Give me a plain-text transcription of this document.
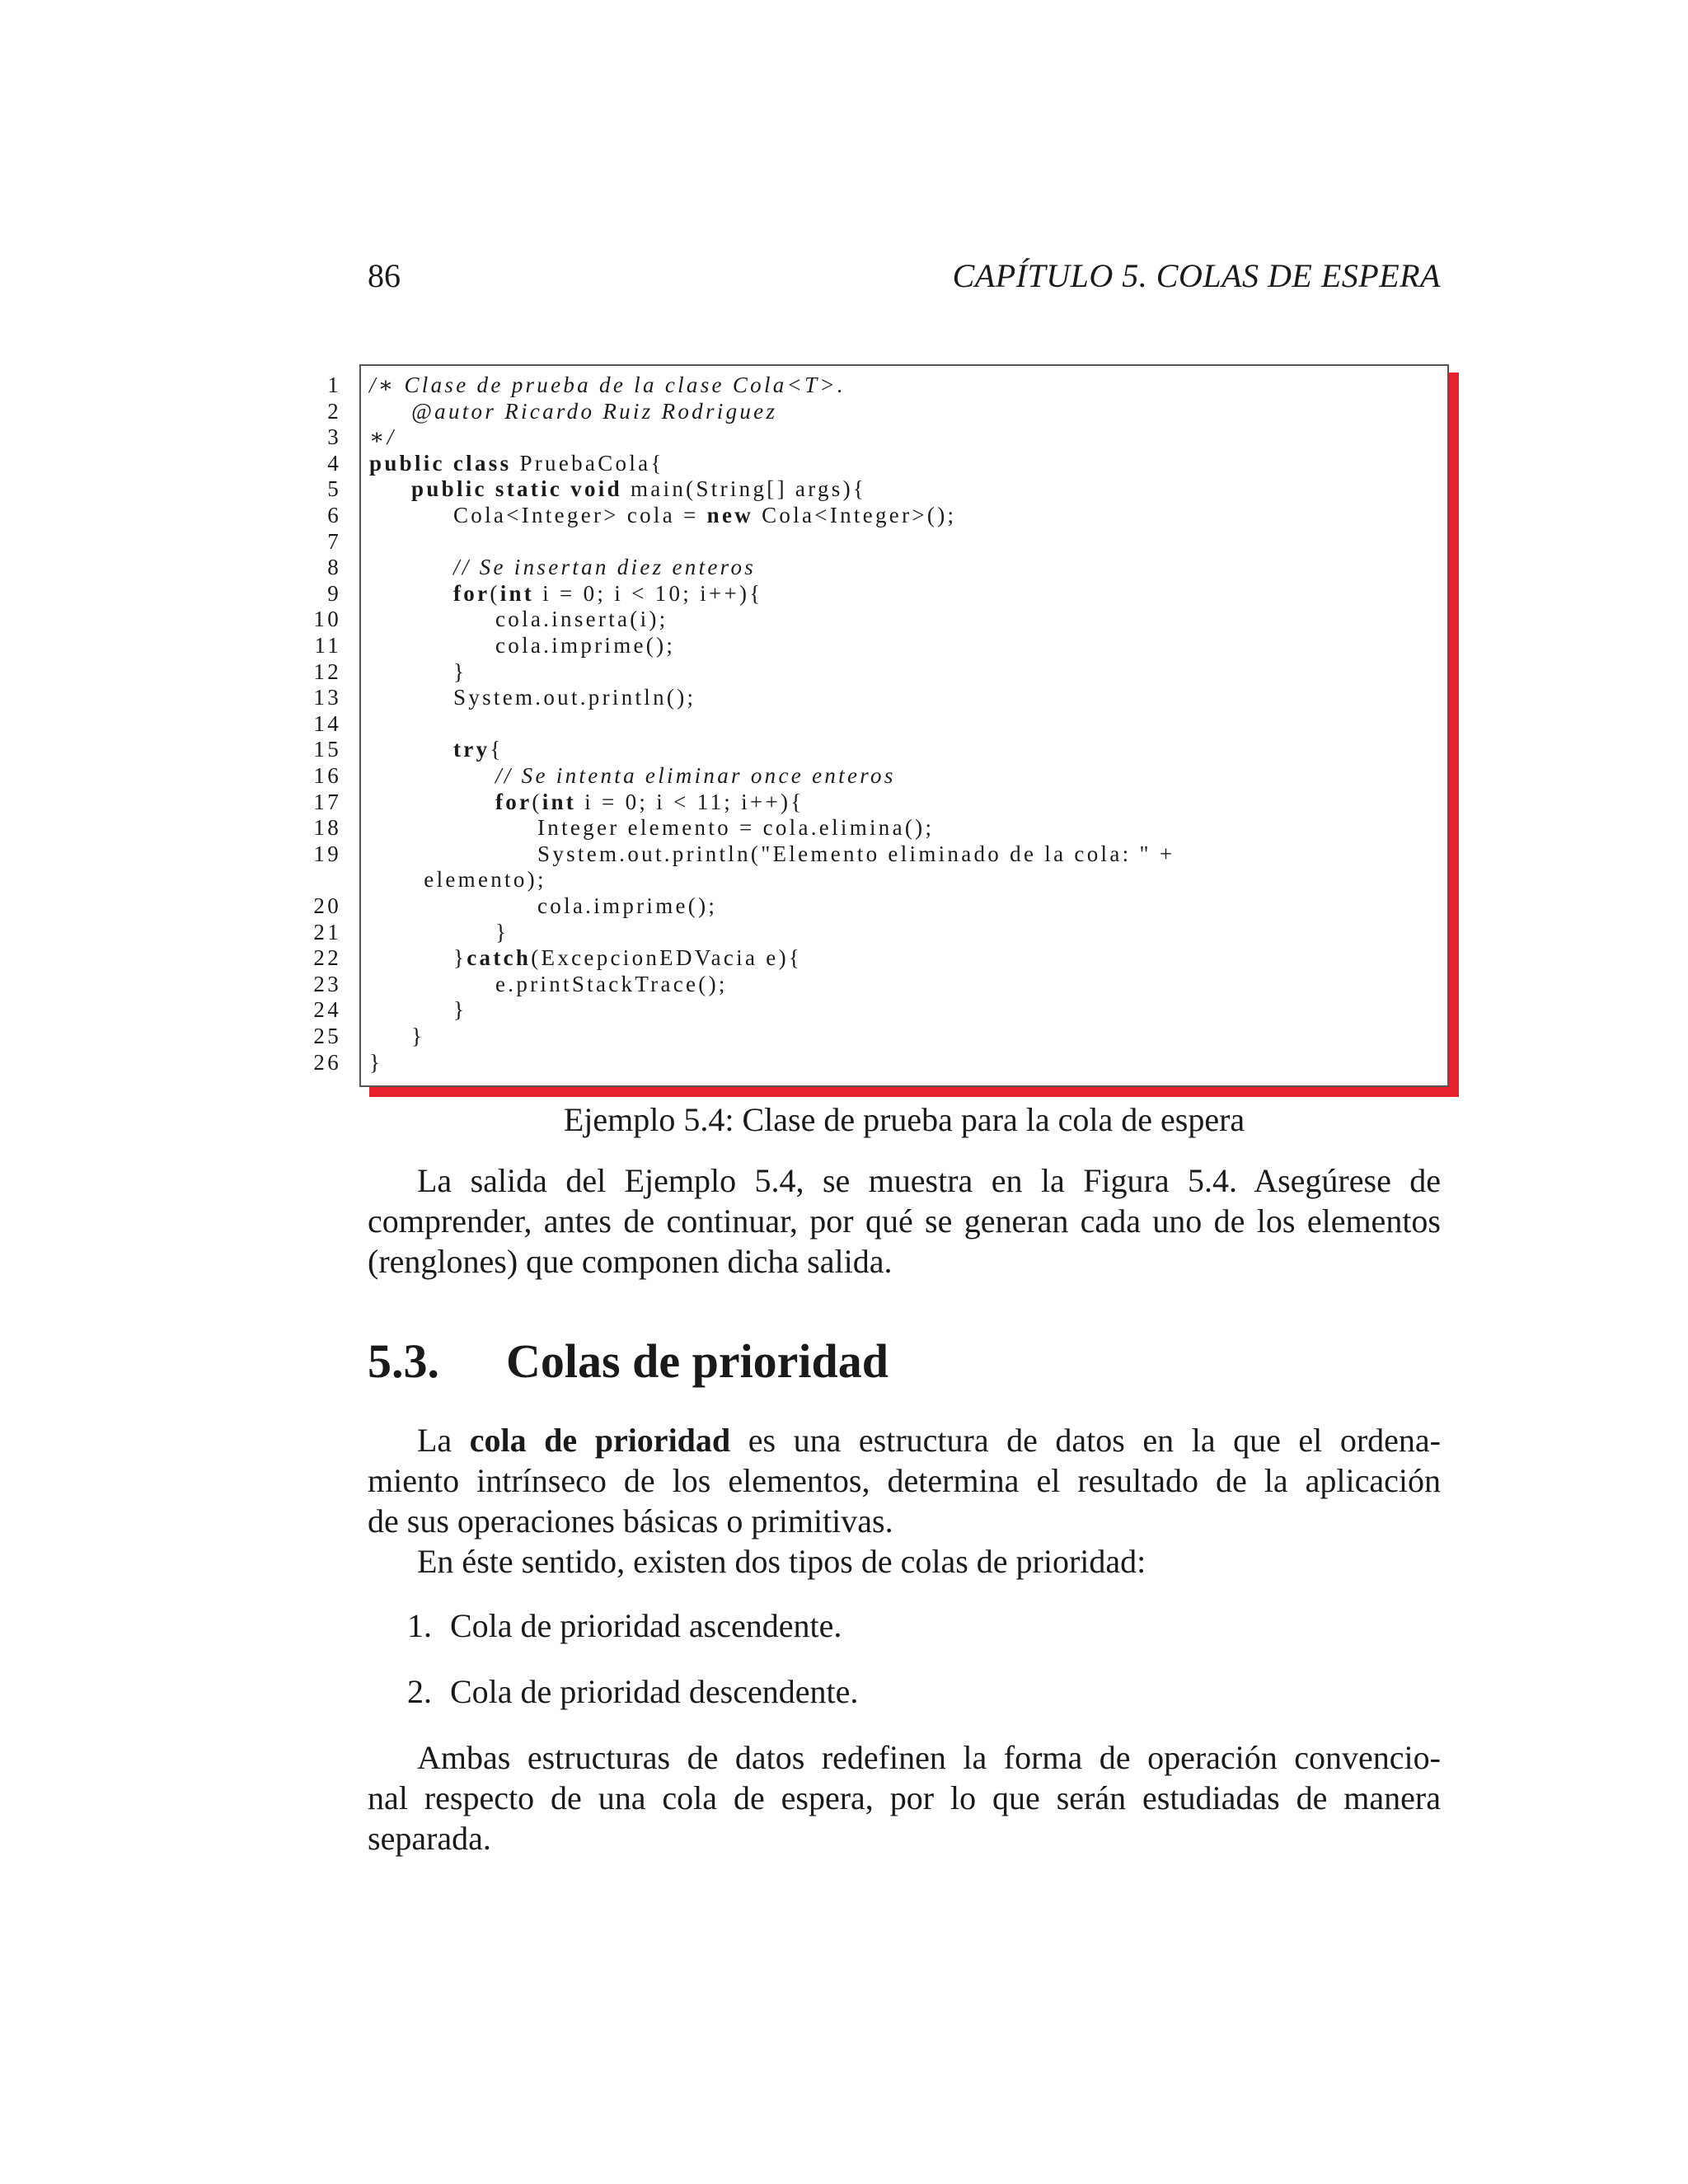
86	CAPÍTULO 5. COLAS DE ESPERA
1 /∗ Clase de prueba de la clase Cola<T>.
2	@autor Ricardo Ruiz Rodriguez
3 ∗/
4 public class PruebaCola{
5	public static void main(String[] args){
6	Cola<Integer> cola = new Cola<Integer>();
7
8	// Se insertan diez enteros
9	for(int i = 0; i < 10; i++){
10	cola.inserta(i);
11	cola.imprime();
12	}
13	System.out.println();
14
15	try{
16	// Se intenta eliminar once enteros
17	for(int i = 0; i < 11; i++){
18	Integer elemento = cola.elimina();
19	System.out.println("Elemento eliminado de la cola: " +
elemento);
20	cola.imprime();
21	}
22	}catch(ExcepcionEDVacia e){
23	e.printStackTrace();
24	}
25	}
26 }
Ejemplo 5.4: Clase de prueba para la cola de espera
La salida del Ejemplo 5.4, se muestra en la Figura 5.4. Asegúrese de
comprender, antes de continuar, por qué se generan cada uno de los elementos
(renglones) que componen dicha salida.
5.3. Colas de prioridad
La cola de prioridad es una estructura de datos en la que el ordena-
miento intrínseco de los elementos, determina el resultado de la aplicación
de sus operaciones básicas o primitivas.
En éste sentido, existen dos tipos de colas de prioridad:
1. Cola de prioridad ascendente.
2. Cola de prioridad descendente.
Ambas estructuras de datos redefinen la forma de operación convencio-
nal respecto de una cola de espera, por lo que serán estudiadas de manera
separada.
